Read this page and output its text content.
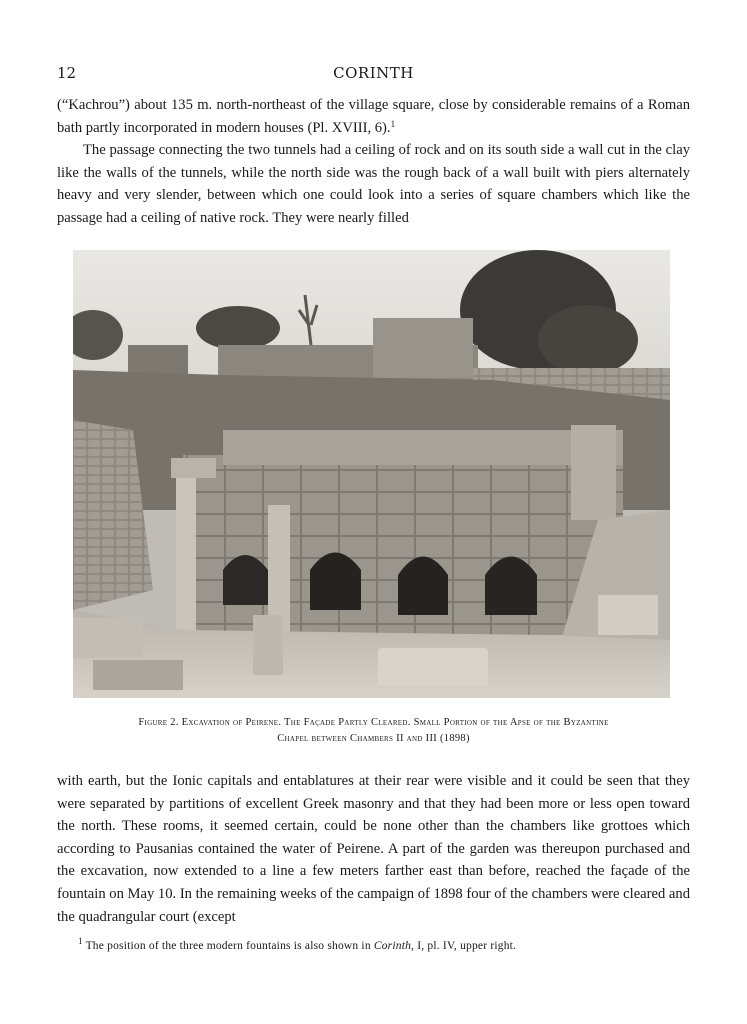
12	CORINTH

(“Kachrou”) about 135 m. north-northeast of the village square, close by considerable remains of a Roman bath partly incorporated in modern houses (Pl. XVIII, 6).$^1$

The passage connecting the two tunnels had a ceiling of rock and on its south side a wall cut in the clay like the walls of the tunnels, while the north side was the rough back of a wall built with piers alternately heavy and very slender, between which one could look into a series of square chambers which like the passage had a ceiling of native rock. They were nearly filled

Figure 2. Excavation of Peirene. The Façade Partly Cleared. Small Portion of the Apse of the Byzantine
Chapel between Chambers II and III (1898)

with earth, but the Ionic capitals and entablatures at their rear were visible and it could be seen that they were separated by partitions of excellent Greek masonry and that they had been more or less open toward the north. These rooms, it seemed certain, could be none other than the chambers like grottoes which according to Pausanias contained the water of Peirene. A part of the garden was thereupon purchased and the excavation, now extended to a line a few meters farther east than before, reached the façade of the fountain on May 10. In the remaining weeks of the campaign of 1898 four of the chambers were cleared and the quadrangular court (except

$^1$ The position of the three modern fountains is also shown in Corinth, I, pl. IV, upper right.
